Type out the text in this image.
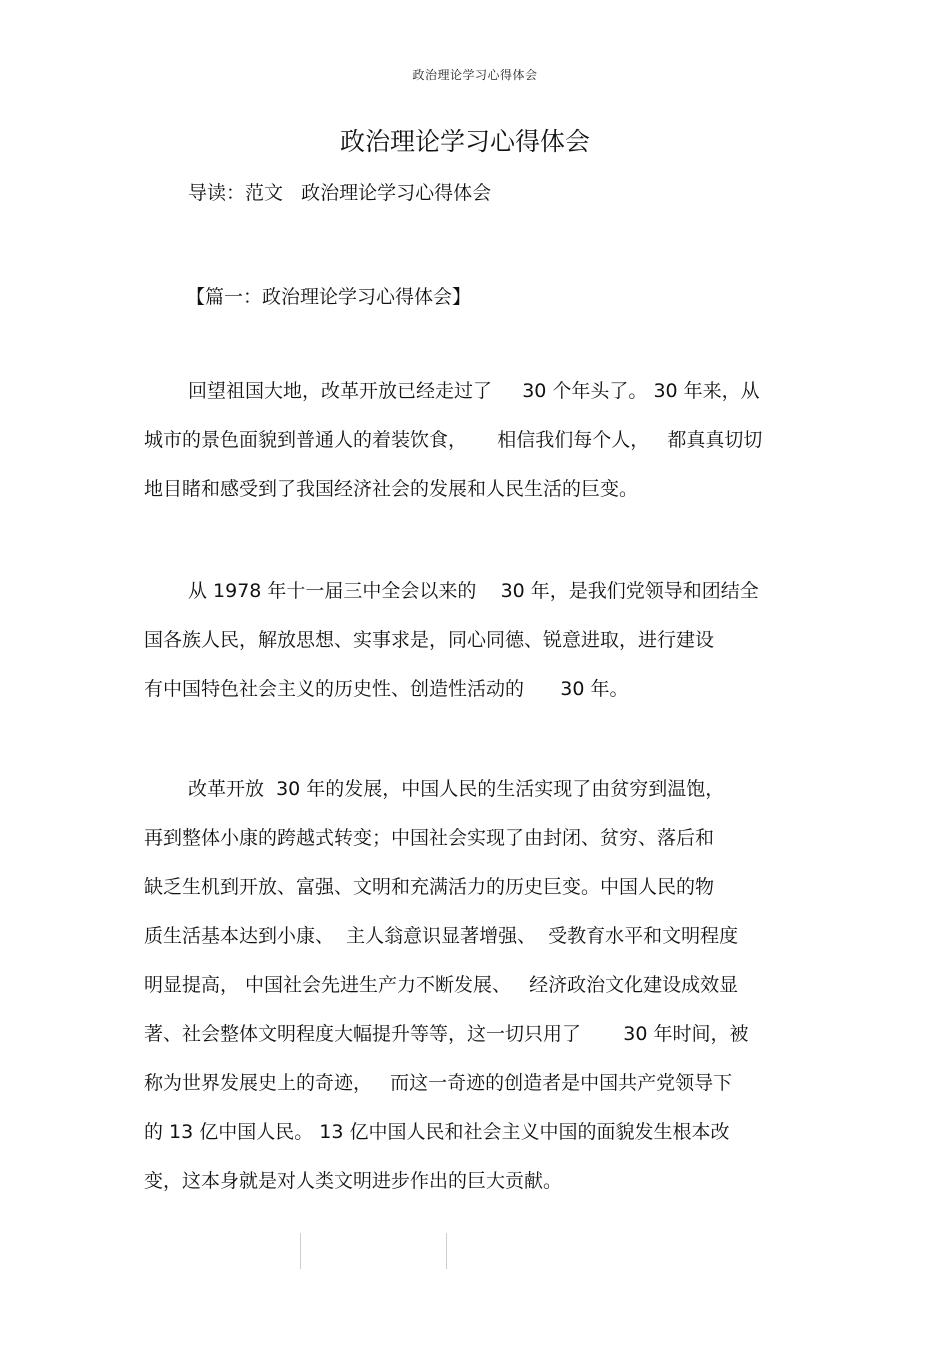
政治理论学习心得体会
政治理论学习心得体会
导读：范文   政治理论学习心得体会
【篇一：政治理论学习心得体会】
回望祖国大地，改革开放已经走过了     30 个年头了。 30 年来，从
城市的景色面貌到普通人的着装饮食，     相信我们每个人，   都真真切切
地目睹和感受到了我国经济社会的发展和人民生活的巨变。
从 1978 年十一届三中全会以来的    30 年，是我们党领导和团结全
国各族人民，解放思想、实事求是，同心同德、锐意进取，进行建设
有中国特色社会主义的历史性、创造性活动的      30 年。
改革开放  30 年的发展，中国人民的生活实现了由贫穷到温饱，
再到整体小康的跨越式转变；中国社会实现了由封闭、贫穷、落后和
缺乏生机到开放、富强、文明和充满活力的历史巨变。中国人民的物
质生活基本达到小康、  主人翁意识显著增强、  受教育水平和文明程度
明显提高， 中国社会先进生产力不断发展、   经济政治文化建设成效显
著、社会整体文明程度大幅提升等等，这一切只用了       30 年时间，被
称为世界发展史上的奇迹，   而这一奇迹的创造者是中国共产党领导下
的 13 亿中国人民。 13 亿中国人民和社会主义中国的面貌发生根本改
变，这本身就是对人类文明进步作出的巨大贡献。
